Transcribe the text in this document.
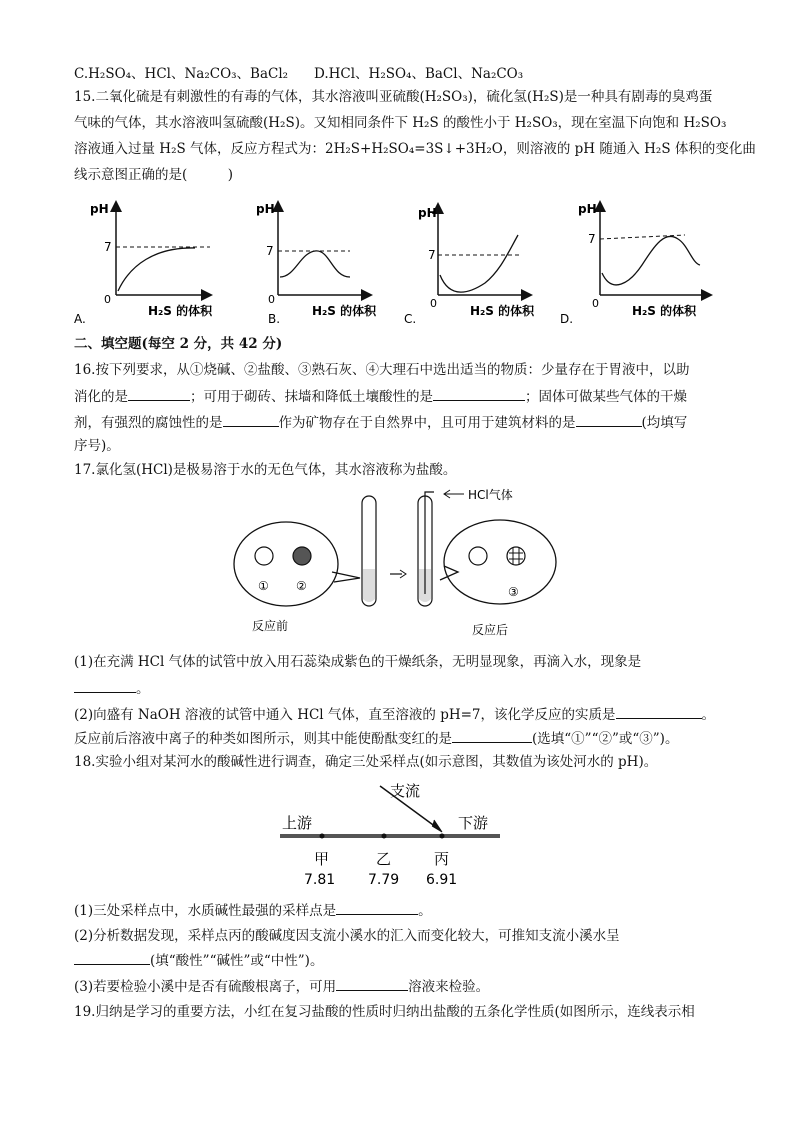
C.H₂SO₄、HCl、Na₂CO₃、BaCl₂ D.HCl、H₂SO₄、BaCl、Na₂CO₃
15.二氧化硫是有刺激性的有毒的气体，其水溶液叫亚硫酸(H₂SO₃)，硫化氢(H₂S)是一种具有剧毒的臭鸡蛋
气味的气体，其水溶液叫氢硫酸(H₂S)。又知相同条件下 H₂S 的酸性小于 H₂SO₃，现在室温下向饱和 H₂SO₃
溶液通入过量 H₂S 气体，反应方程式为：2H₂S+H₂SO₄=3S↓+3H₂O，则溶液的 pH 随通入 H₂S 体积的变化曲
线示意图正确的是(　　　)
pH
7
0
H₂S 的体积
A.
pH
7
0
H₂S 的体积
B.
pH
7
0
H₂S 的体积
C.
pH
7
0
H₂S 的体积
D.
二、填空题(每空 2 分，共 42 分)
16.按下列要求，从①烧碱、②盐酸、③熟石灰、④大理石中选出适当的物质：少量存在于胃液中，以助
消化的是	；可用于砌砖、抹墙和降低土壤酸性的是	；固体可做某些气体的干燥
剂，有强烈的腐蚀性的是	作为矿物存在于自然界中，且可用于建筑材料的是	(均填写
序号)。
17.氯化氢(HCl)是极易溶于水的无色气体，其水溶液称为盐酸。
① ②
反应前
HCl气体
③
反应后
(1)在充满 HCl 气体的试管中放入用石蕊染成紫色的干燥纸条，无明显现象，再滴入水，现象是
。
(2)向盛有 NaOH 溶液的试管中通入 HCl 气体，直至溶液的 pH=7，该化学反应的实质是	。
反应前后溶液中离子的种类如图所示，则其中能使酚酞变红的是	(选填“①”“②”或“③”)。
18.实验小组对某河水的酸碱性进行调查，确定三处采样点(如示意图，其数值为该处河水的 pH)。
支流
上游	下游
甲	乙	丙
7.81 7.79 6.91
(1)三处采样点中，水质碱性最强的采样点是	。
(2)分析数据发现，采样点丙的酸碱度因支流小溪水的汇入而变化较大，可推知支流小溪水呈
(填“酸性”“碱性”或“中性”)。
(3)若要检验小溪中是否有硫酸根离子，可用	溶液来检验。
19.归纳是学习的重要方法，小红在复习盐酸的性质时归纳出盐酸的五条化学性质(如图所示，连线表示相
